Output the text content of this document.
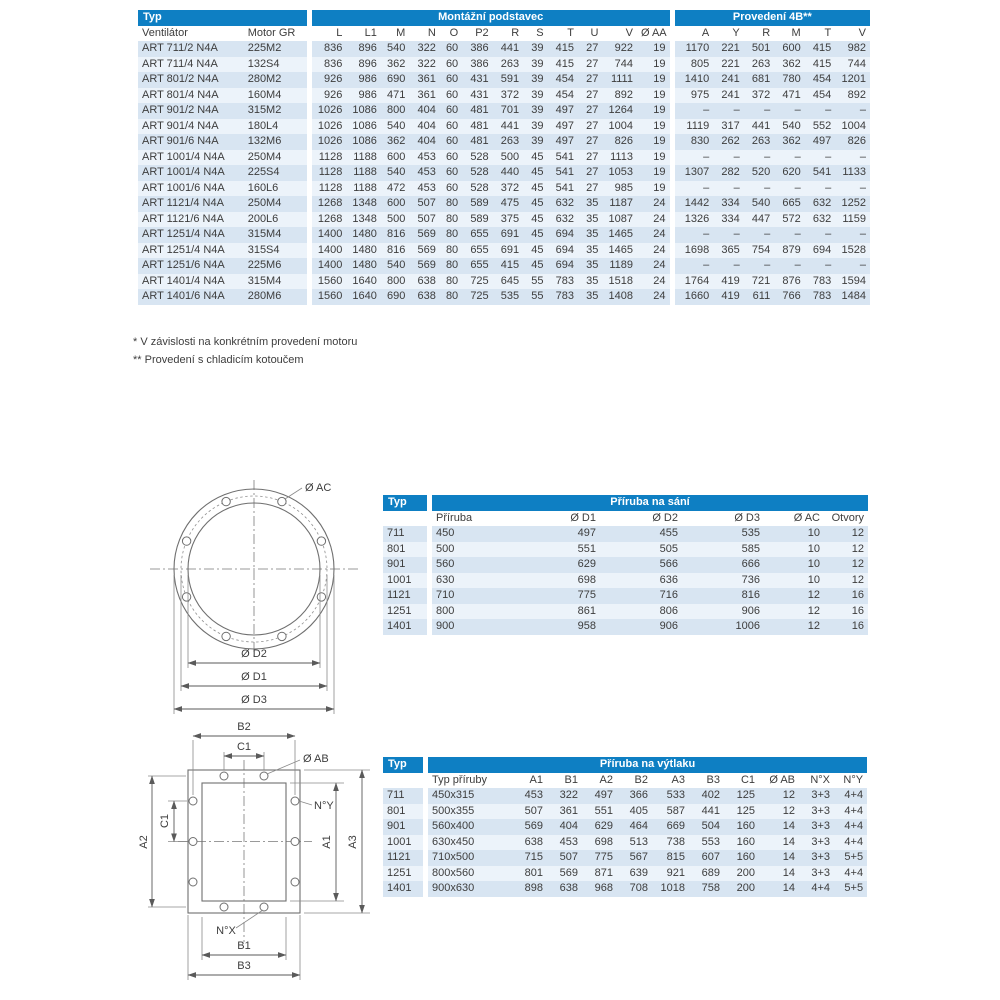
Typ			Montážní podstavec													Provedení 4B**					
Ventilátor	Motor GR		L	L1	M	N	O	P2	R	S	T	U	V	Ø AA		A	Y	R	M	T	V
ART 711/2 N4A	225M2		836	896	540	322	60	386	441	39	415	27	922	19		1170	221	501	600	415	982
ART 711/4 N4A	132S4		836	896	362	322	60	386	263	39	415	27	744	19		805	221	263	362	415	744
ART 801/2 N4A	280M2		926	986	690	361	60	431	591	39	454	27	1111	19		1410	241	681	780	454	1201
ART 801/4 N4A	160M4		926	986	471	361	60	431	372	39	454	27	892	19		975	241	372	471	454	892
ART 901/2 N4A	315M2		1026	1086	800	404	60	481	701	39	497	27	1264	19		–	–	–	–	–	–
ART 901/4 N4A	180L4		1026	1086	540	404	60	481	441	39	497	27	1004	19		1119	317	441	540	552	1004
ART 901/6 N4A	132M6		1026	1086	362	404	60	481	263	39	497	27	826	19		830	262	263	362	497	826
ART 1001/4 N4A	250M4		1128	1188	600	453	60	528	500	45	541	27	1113	19		–	–	–	–	–	–
ART 1001/4 N4A	225S4		1128	1188	540	453	60	528	440	45	541	27	1053	19		1307	282	520	620	541	1133
ART 1001/6 N4A	160L6		1128	1188	472	453	60	528	372	45	541	27	985	19		–	–	–	–	–	–
ART 1121/4 N4A	250M4		1268	1348	600	507	80	589	475	45	632	35	1187	24		1442	334	540	665	632	1252
ART 1121/6 N4A	200L6		1268	1348	500	507	80	589	375	45	632	35	1087	24		1326	334	447	572	632	1159
ART 1251/4 N4A	315M4		1400	1480	816	569	80	655	691	45	694	35	1465	24		–	–	–	–	–	–
ART 1251/4 N4A	315S4		1400	1480	816	569	80	655	691	45	694	35	1465	24		1698	365	754	879	694	1528
ART 1251/6 N4A	225M6		1400	1480	540	569	80	655	415	45	694	35	1189	24		–	–	–	–	–	–
ART 1401/4 N4A	315M4		1560	1640	800	638	80	725	645	55	783	35	1518	24		1764	419	721	876	783	1594
ART 1401/6 N4A	280M6		1560	1640	690	638	80	725	535	55	783	35	1408	24		1660	419	611	766	783	1484
* V závislosti na konkrétním provedení motoru
** Provedení s chladicím kotoučem
Ø AC
Ø D2
Ø D1
Ø D3
Typ		Příruba na sání					
		Příruba	Ø D1	Ø D2	Ø D3	Ø AC	Otvory
711		450	497	455	535	10	12
801		500	551	505	585	10	12
901		560	629	566	666	10	12
1001		630	698	636	736	10	12
1121		710	775	716	816	12	16
1251		800	861	806	906	12	16
1401		900	958	906	1006	12	16
B2
C1
Ø AB
N°Y
C1
A2	A1 A3
N°X
B1
B3
Typ		Příruba na výtlaku										
		Typ příruby	A1	B1	A2	B2	A3	B3	C1	Ø AB	N°X	N°Y
711		450x315	453	322	497	366	533	402	125	12	3+3	4+4
801		500x355	507	361	551	405	587	441	125	12	3+3	4+4
901		560x400	569	404	629	464	669	504	160	14	3+3	4+4
1001		630x450	638	453	698	513	738	553	160	14	3+3	4+4
1121		710x500	715	507	775	567	815	607	160	14	3+3	5+5
1251		800x560	801	569	871	639	921	689	200	14	3+3	4+4
1401		900x630	898	638	968	708	1018	758	200	14	4+4	5+5
